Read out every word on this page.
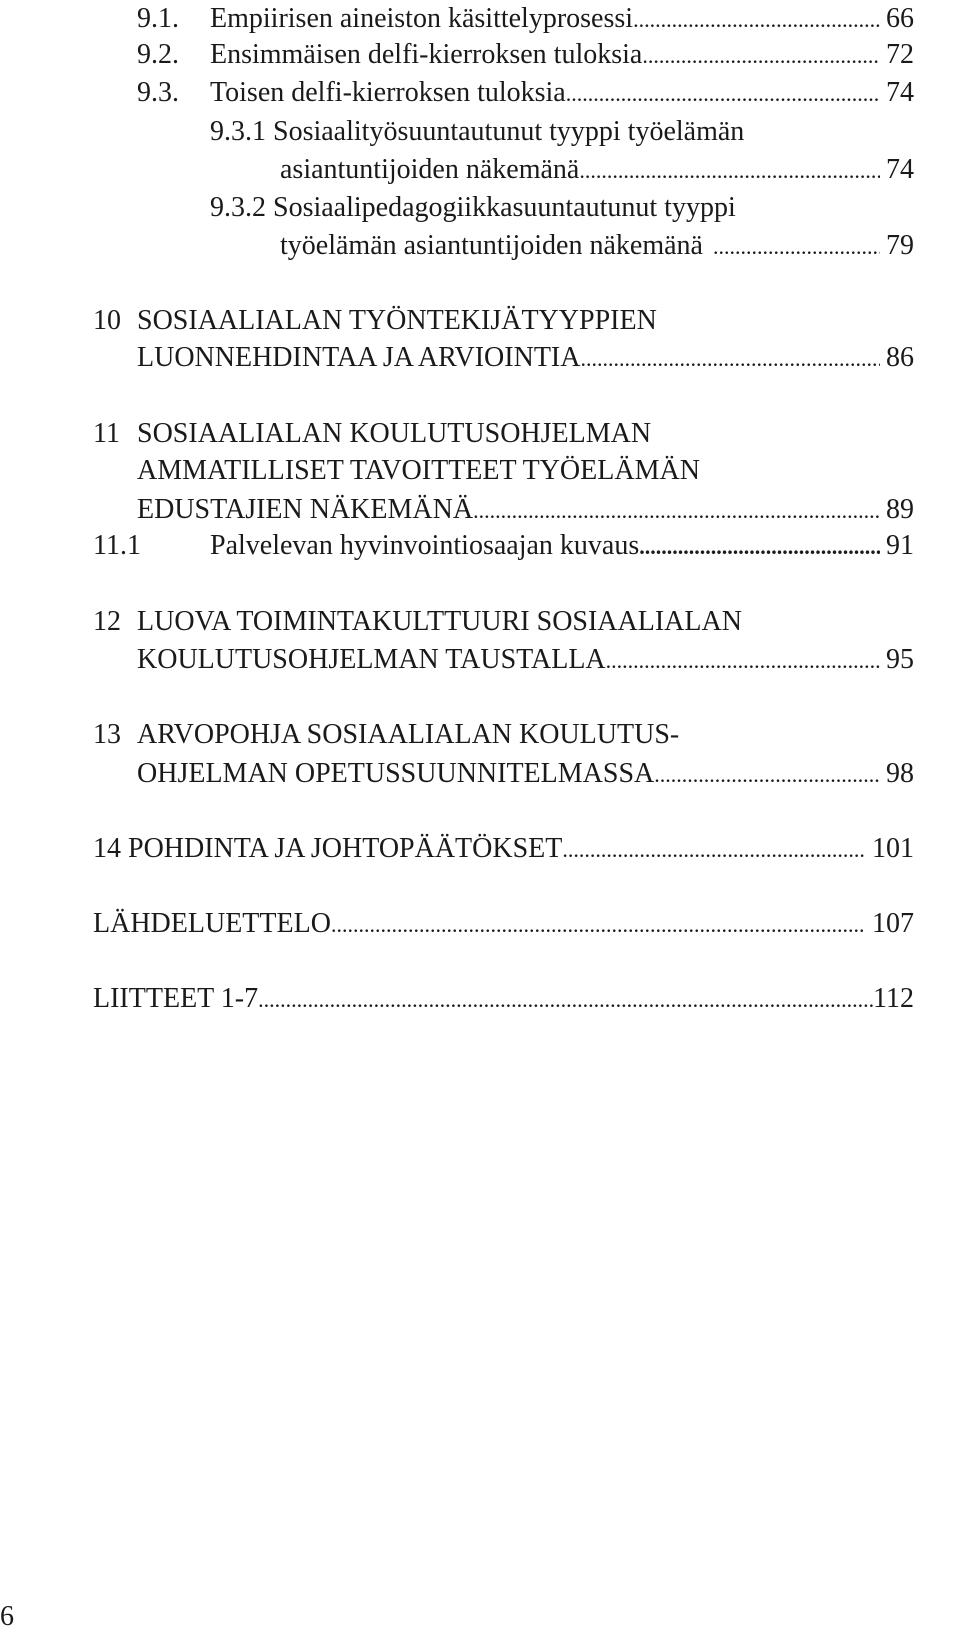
9.1.	Empiirisen aineiston käsittelyprosessi .....	66
9.2.	Ensimmäisen delfi-kierroksen tuloksia .....	72
9.3.	Toisen delfi-kierroksen tuloksia .....	74
9.3.1 Sosiaalityösuuntautunut tyyppi työelämän
asiantuntijoiden näkemänä .....	74
9.3.2 Sosiaalipedagogiikkasuuntautunut tyyppi
työelämän asiantuntijoiden näkemänä .....	79
10 SOSIAALIALAN TYÖNTEKIJÄTYYPPIEN
LUONNEHDINTAA JA ARVIOINTIA .....	86
11 SOSIAALIALAN KOULUTUSOHJELMAN
AMMATILLISET TAVOITTEET TYÖELÄMÄN
EDUSTAJIEN NÄKEMÄNÄ .....	89
11.1	Palvelevan hyvinvointiosaajan kuvaus .....	91
12 LUOVA TOIMINTAKULTTUURI SOSIAALIALAN
KOULUTUSOHJELMAN TAUSTALLA .....	95
13 ARVOPOHJA SOSIAALIALAN KOULUTUS-
OHJELMAN OPETUSSUUNNITELMASSA .....	98
14 POHDINTA JA JOHTOPÄÄTÖKSET .....	101
LÄHDELUETTELO .....	107
LIITTEET 1-7 .....	112
6
